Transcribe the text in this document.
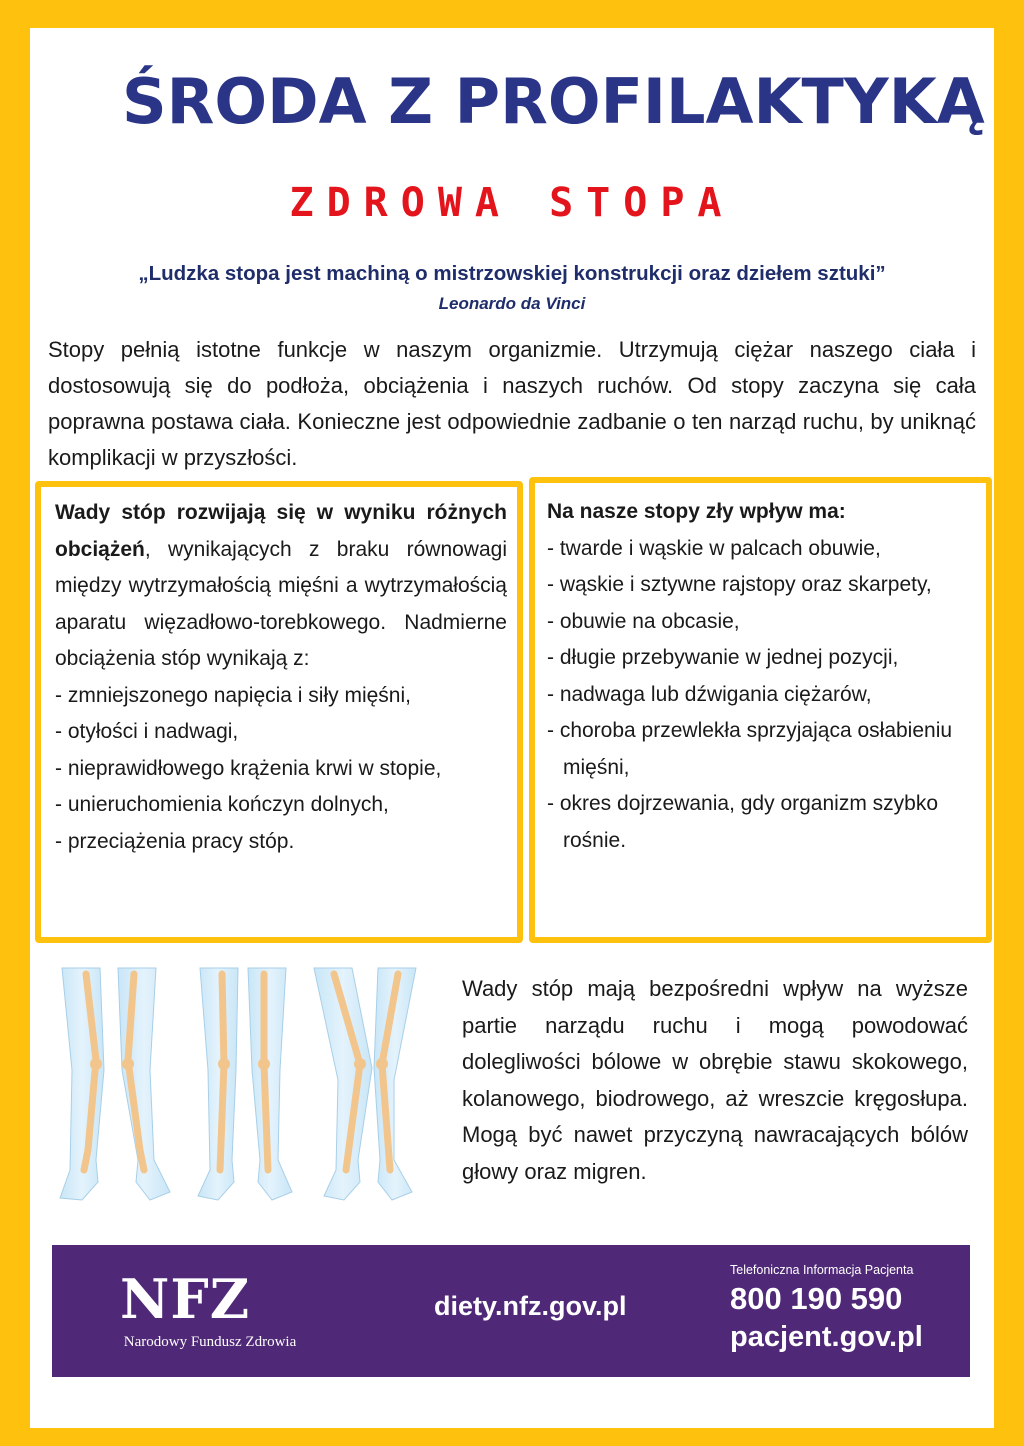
ŚRODA Z PROFILAKTYKĄ
ZDROWA STOPA
„Ludzka stopa jest machiną o mistrzowskiej konstrukcji oraz dziełem sztuki”
Leonardo da Vinci
Stopy pełnią istotne funkcje w naszym organizmie. Utrzymują ciężar naszego ciała i dostosowują się do podłoża, obciążenia i naszych ruchów. Od stopy zaczyna się cała poprawna postawa ciała. Konieczne jest odpowiednie zadbanie o ten narząd ruchu, by uniknąć komplikacji w przyszłości.
Wady stóp rozwijają się w wyniku różnych obciążeń, wynikających z braku równowagi między wytrzymałością mięśni a wytrzymałością aparatu więzadłowo-torebkowego. Nadmierne obciążenia stóp wynikają z:
- zmniejszonego napięcia i siły mięśni,
- otyłości i nadwagi,
- nieprawidłowego krążenia krwi w stopie,
- unieruchomienia kończyn dolnych,
- przeciążenia pracy stóp.
Na nasze stopy zły wpływ ma:
- twarde i wąskie w palcach obuwie,
- wąskie i sztywne rajstopy oraz skarpety,
- obuwie na obcasie,
- długie przebywanie w jednej pozycji,
- nadwaga lub dźwigania ciężarów,
- choroba przewlekła sprzyjająca osłabieniu mięśni,
- okres dojrzewania, gdy organizm szybko rośnie.
Wady stóp mają bezpośredni wpływ na wyższe partie narządu ruchu i mogą powodować dolegliwości bólowe w obrębie stawu skokowego, kolanowego, biodrowego, aż wreszcie kręgosłupa. Mogą być nawet przyczyną nawracających bólów głowy oraz migren.
NFZ
Narodowy Fundusz Zdrowia
diety.nfz.gov.pl
Telefoniczna Informacja Pacjenta
800 190 590
pacjent.gov.pl
